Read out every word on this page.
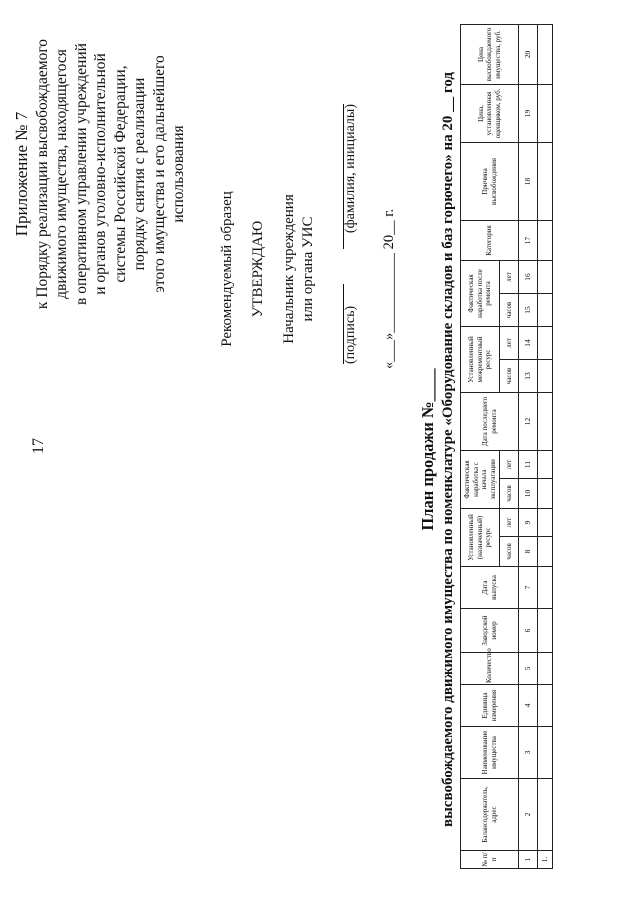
17
Приложение № 7 к Порядку реализации высвобождаемого движимого имущества, находящегося в оперативном управлении учреждений и органов уголовно-исполнительной системы Российской Федерации, порядку снятия с реализации этого имущества и его дальнейшего использования
Рекомендуемый образец УТВЕРЖДАЮ Начальник учреждения или органа УИС
(подпись)
(фамилия, инициалы)
«___»___________ 20__ г.
План продажи №____ высвобождаемого движимого имущества по номенклатуре «Оборудование складов и баз горючего» на 20 __ год
№ п/п	Балансодержатель, адрес	Наименование имущества	Единица измерения	Количество	Заводской номер	Дата выпуска	Установленный (назначенный) ресурс		Фактическая наработка с начала эксплуатации		Дата последнего ремонта	Установленный межремонтный ресурс		Фактическая наработка после ремонта		Категория	Причина высвобождения	Цена, установленная оценщиком, руб.	Цена высвобождаемого имущества, руб.
							часов	лет	часов	лет		часов	лет	часов	лет				
1	2	3	4	5	6	7	8	9	10	11	12	13	14	15	16	17	18	19	20
1.																			
